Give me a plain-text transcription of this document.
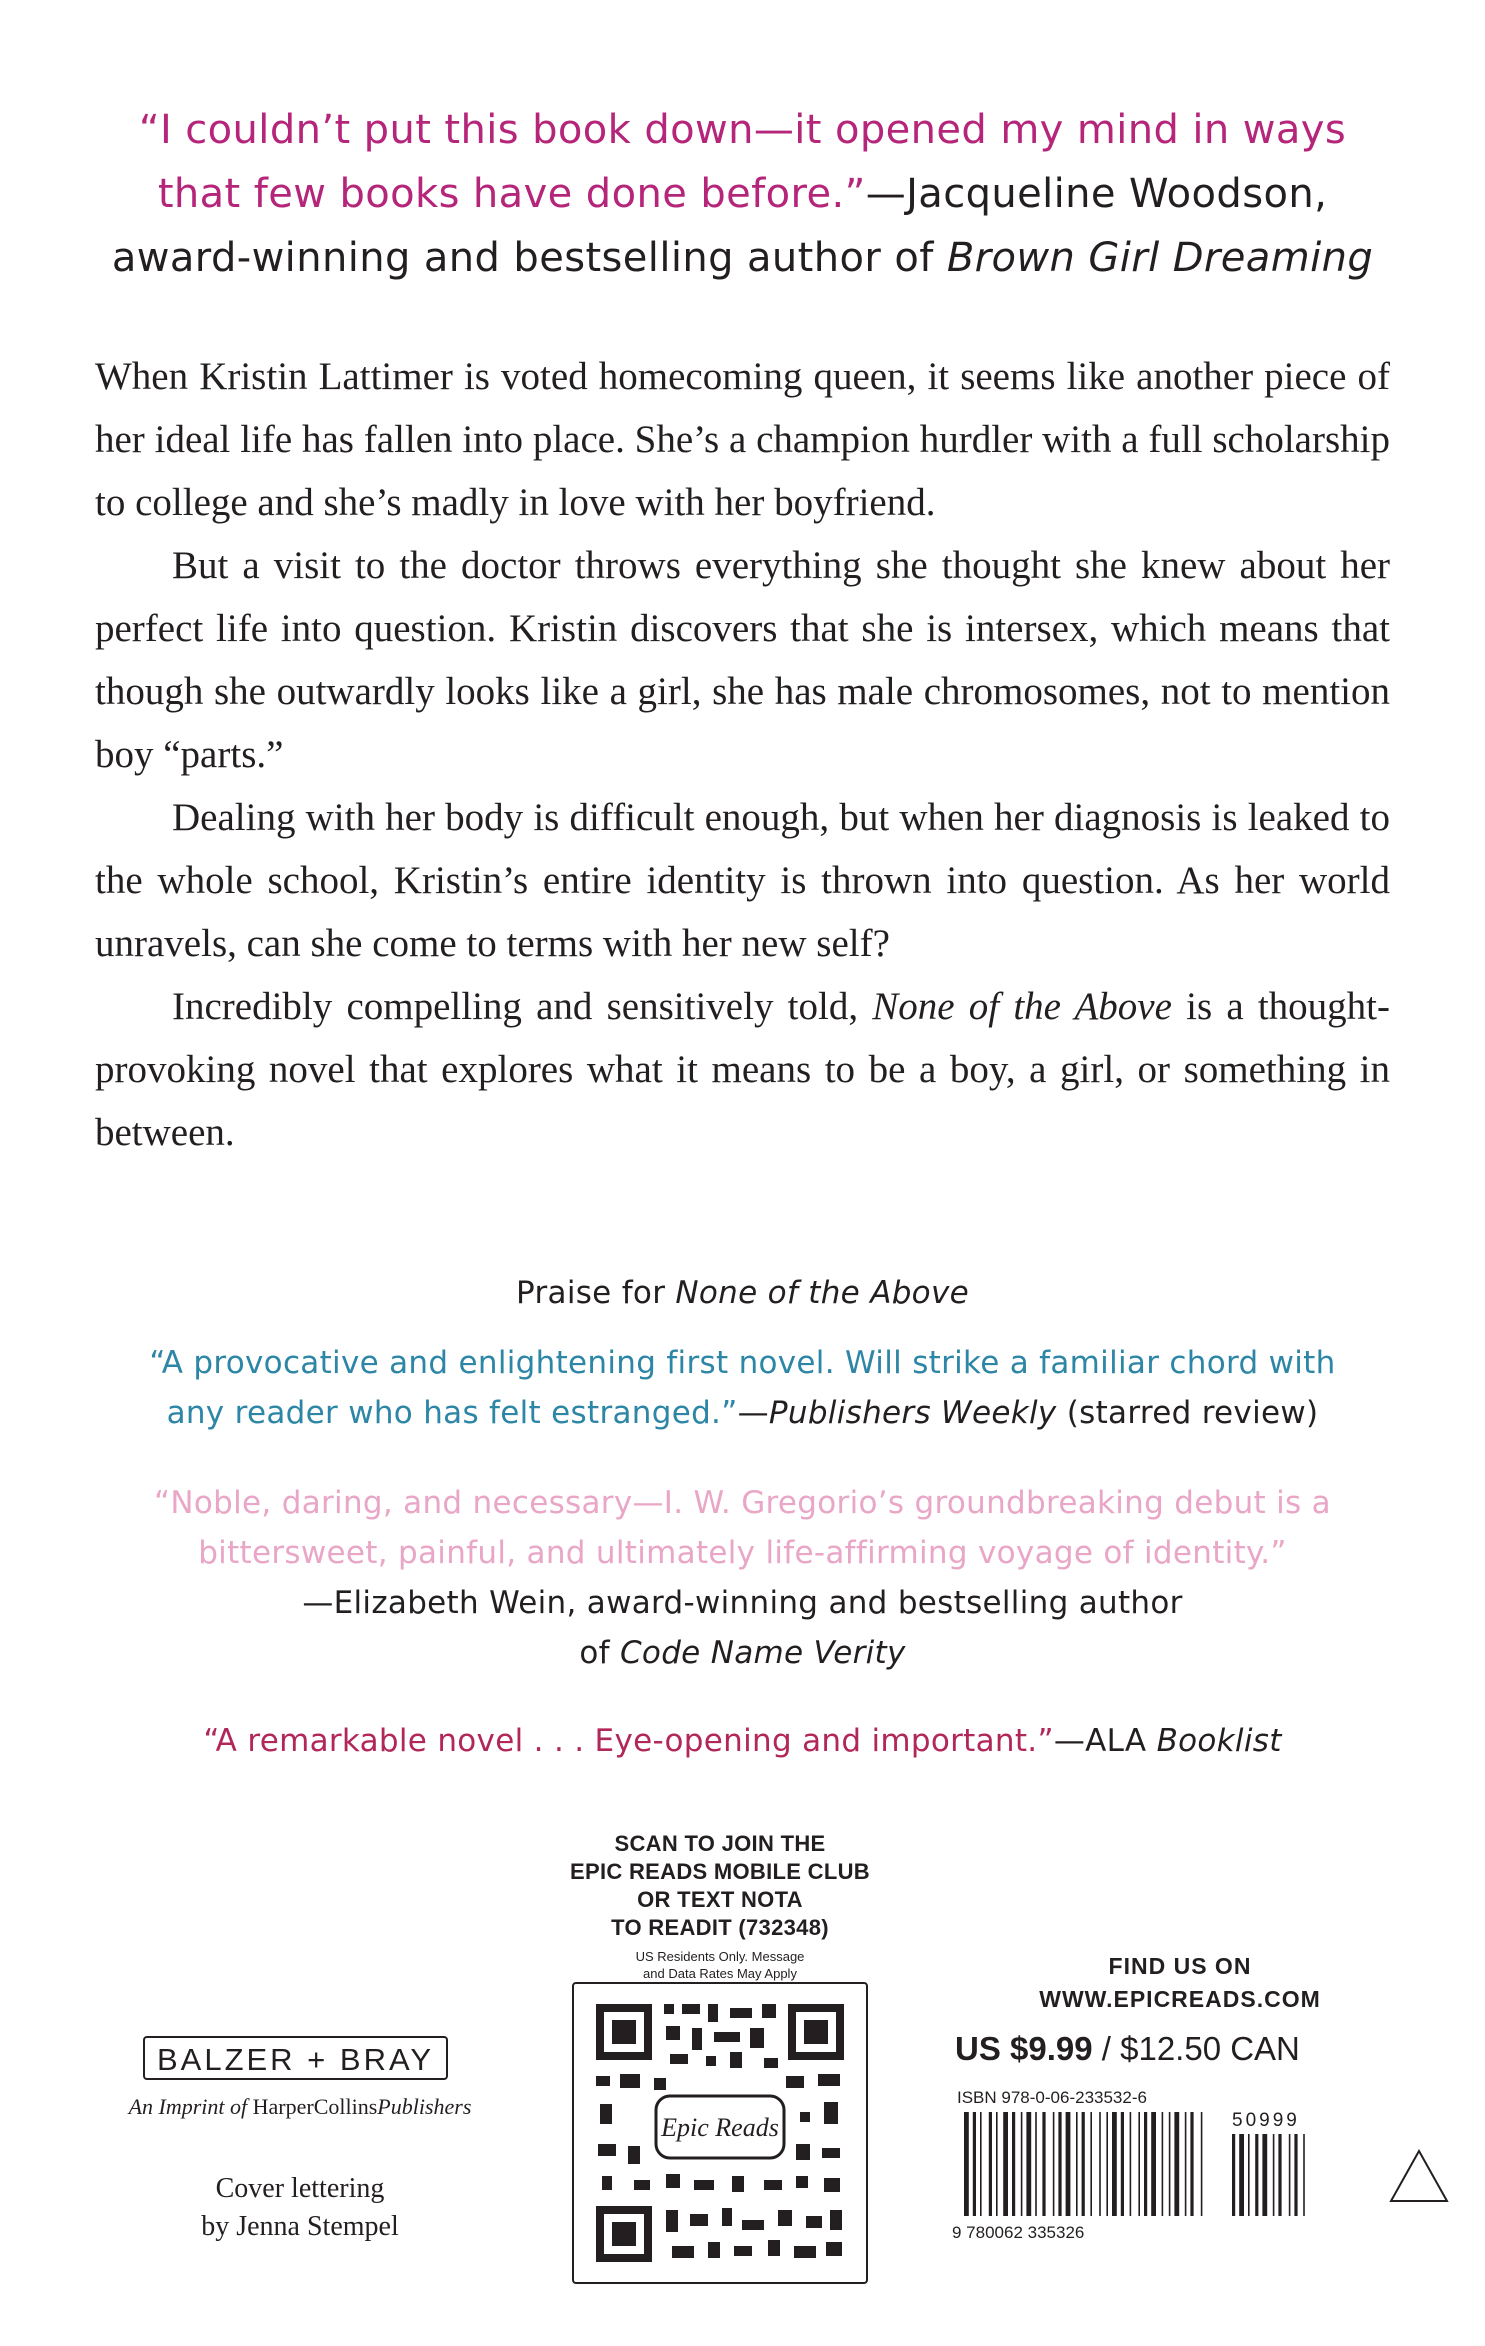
“I couldn’t put this book down—it opened my mind in ways
that few books have done before.”—Jacqueline Woodson,
award-winning and bestselling author of Brown Girl Dreaming

When Kristin Lattimer is voted homecoming queen, it seems like another piece of her ideal life has fallen into place. She’s a champion hurdler with a full scholarship to college and she’s madly in love with her boyfriend.

But a visit to the doctor throws everything she thought she knew about her perfect life into question. Kristin discovers that she is intersex, which means that though she outwardly looks like a girl, she has male chromosomes, not to mention boy “parts.”

Dealing with her body is difficult enough, but when her diagnosis is leaked to the whole school, Kristin’s entire identity is thrown into question. As her world unravels, can she come to terms with her new self?

Incredibly compelling and sensitively told, None of the Above is a thought-provoking novel that explores what it means to be a boy, a girl, or something in between.

Praise for None of the Above
“A provocative and enlightening first novel. Will strike a familiar chord with
any reader who has felt estranged.”—Publishers Weekly (starred review)
“Noble, daring, and necessary—I. W. Gregorio’s groundbreaking debut is a
bittersweet, painful, and ultimately life-affirming voyage of identity.”
—Elizabeth Wein, award-winning and bestselling author
of Code Name Verity
“A remarkable novel . . . Eye-opening and important.”—ALA Booklist
SCAN TO JOIN THE
EPIC READS MOBILE CLUB
OR TEXT NOTA
TO READIT (732348)
US Residents Only. Message
and Data Rates May Apply
Epic Reads
BALZER + BRAY
An Imprint of HarperCollinsPublishers
Cover lettering
by Jenna Stempel
FIND US ON
WWW.EPICREADS.COM
US $9.99 / $12.50 CAN
ISBN 978-0-06-233532-6
9 780062 335326
50999
